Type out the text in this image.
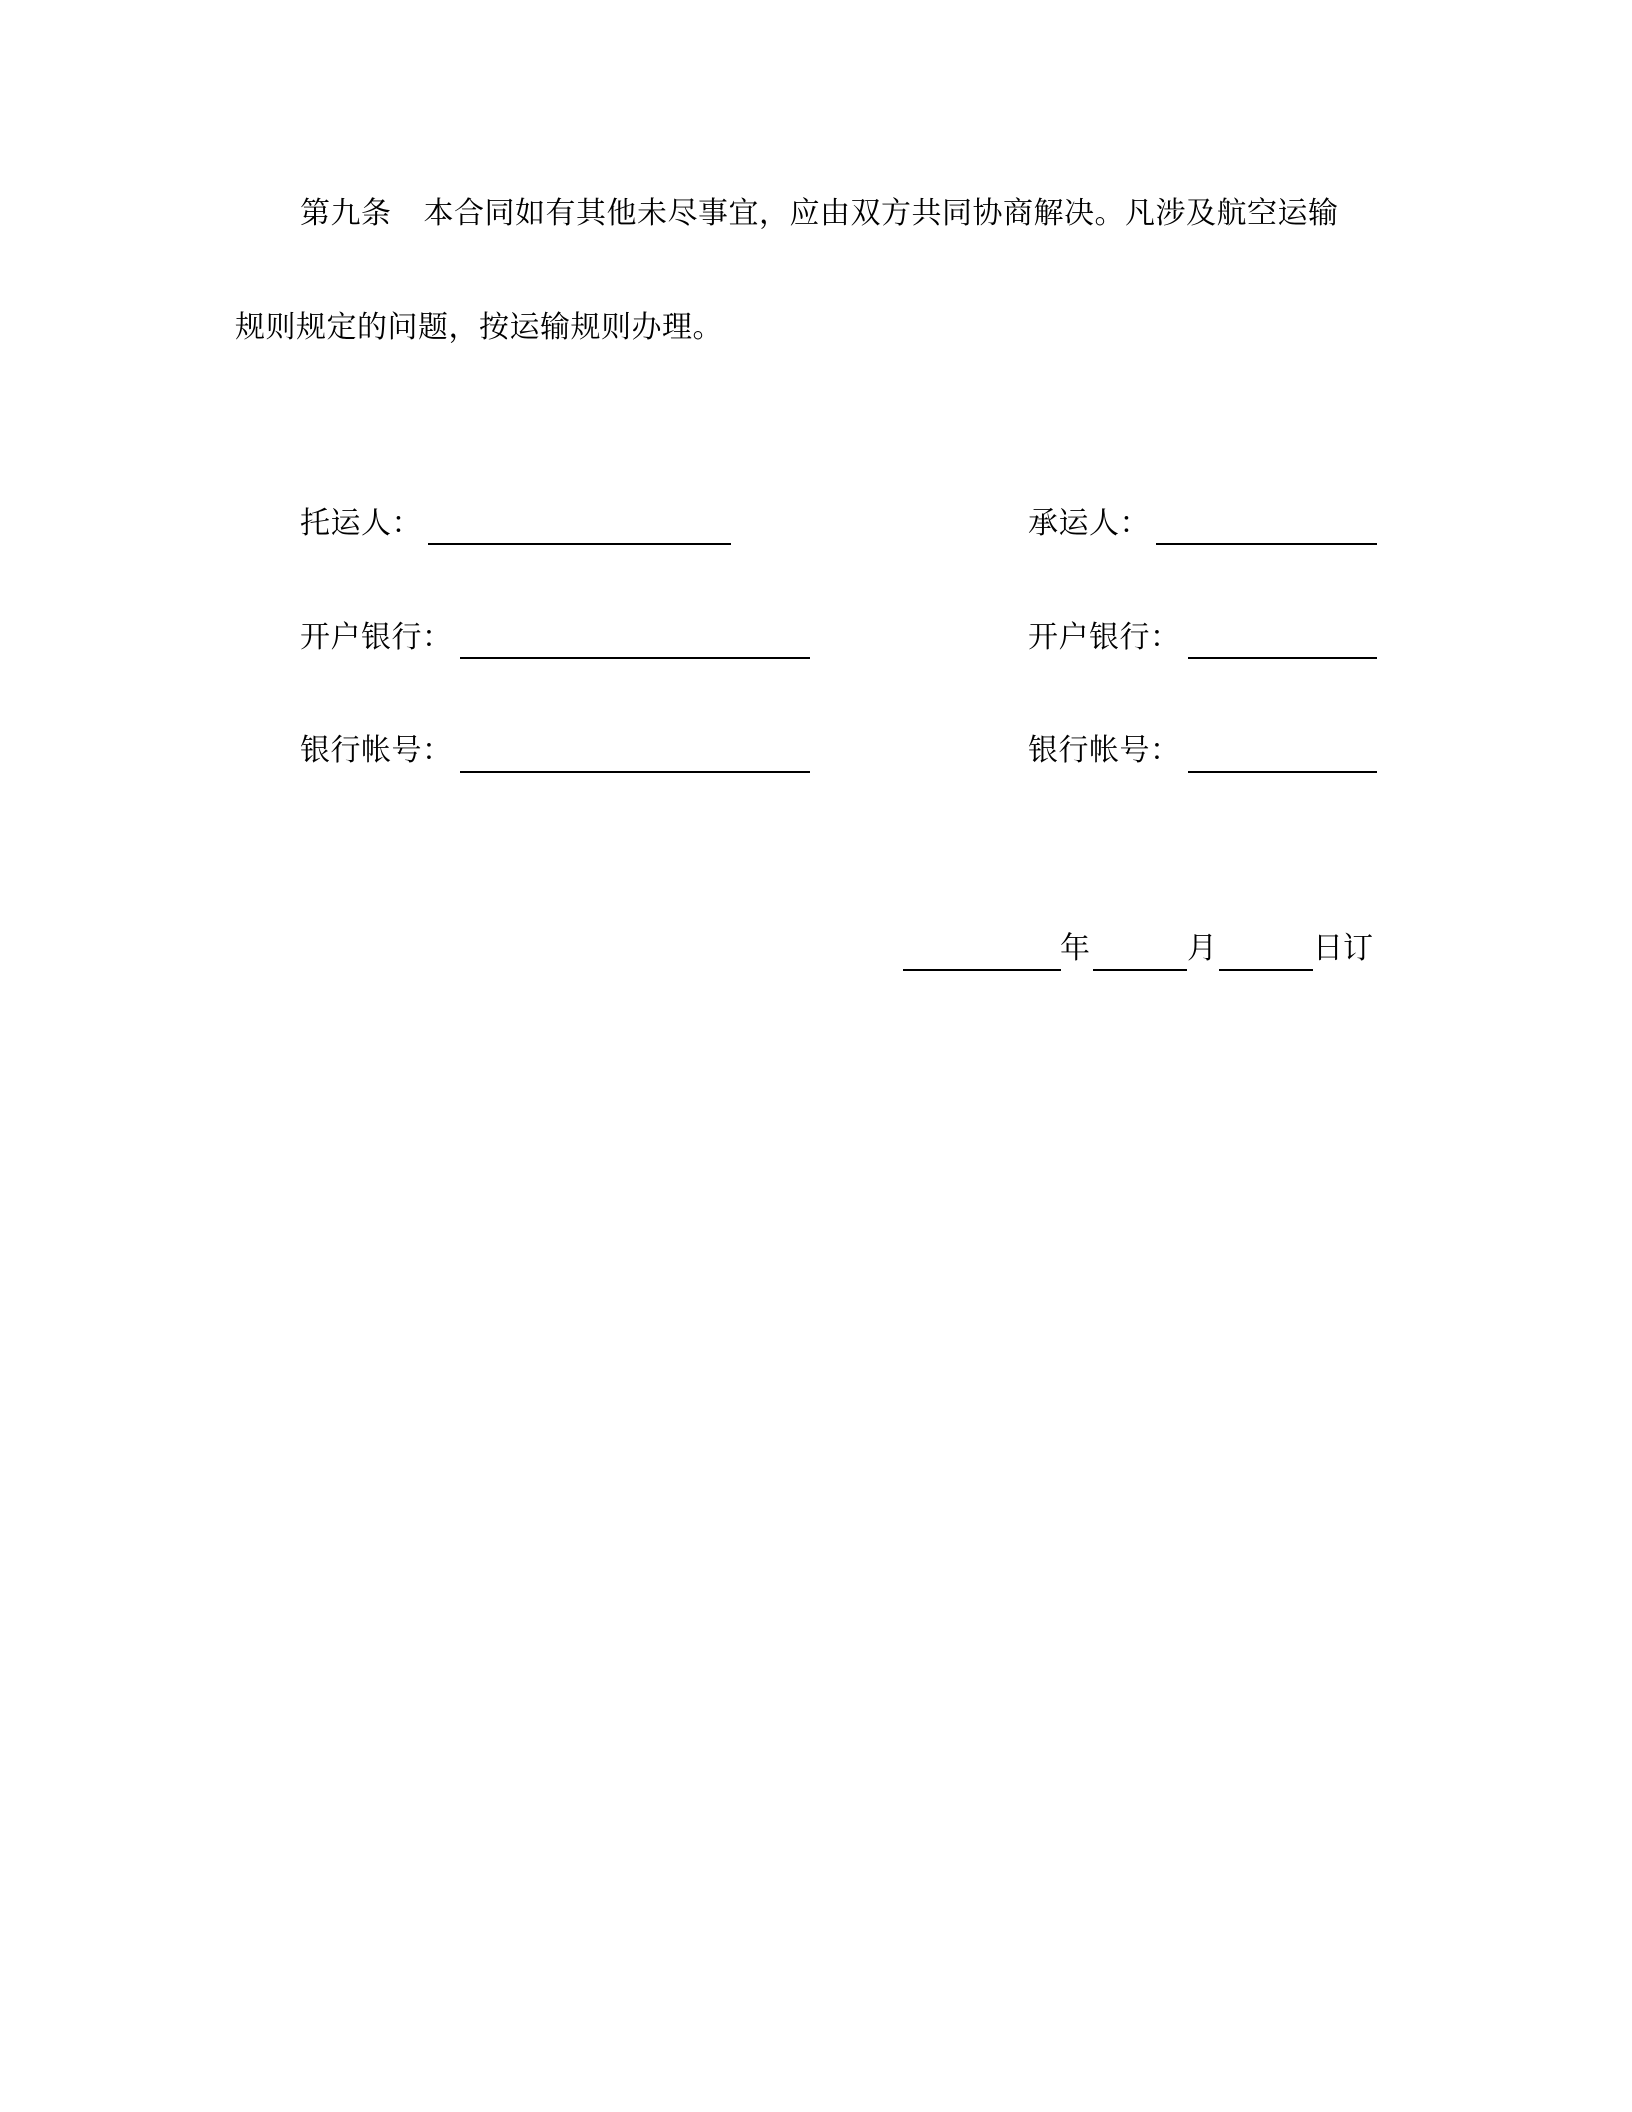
第九条 本合同如有其他未尽事宜，应由双方共同协商解决。凡涉及航空运输
规则规定的问题，按运输规则办理。
托运人：
开户银行：
银行帐号：
承运人：
开户银行：
银行帐号：
年	月	日订
